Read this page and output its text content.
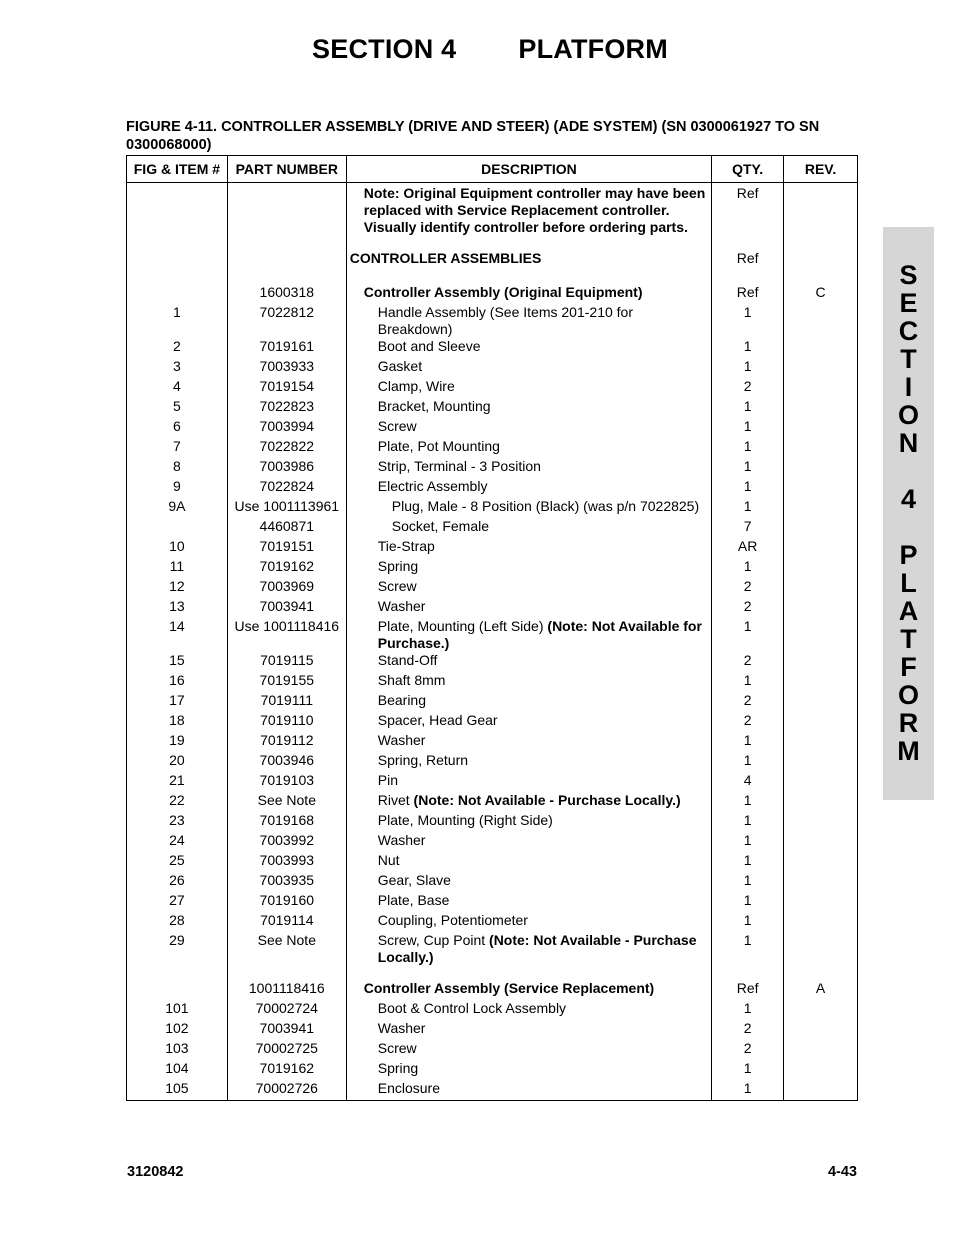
SECTION 4 PLATFORM
FIGURE 4-11. CONTROLLER ASSEMBLY (DRIVE AND STEER) (ADE SYSTEM) (SN 0300061927 TO SN 0300068000)
FIG & ITEM #	PART NUMBER	DESCRIPTION	QTY.	REV.

		Note: Original Equipment controller may have been replaced with Service Replacement controller. Visually identify controller before ordering parts.	Ref	

		CONTROLLER ASSEMBLIES	Ref	

	1600318	Controller Assembly (Original Equipment)	Ref	C
1	7022812	Handle Assembly (See Items 201-210 for Breakdown)	1	
2	7019161	Boot and Sleeve	1	
3	7003933	Gasket	1	
4	7019154	Clamp, Wire	2	
5	7022823	Bracket, Mounting	1	
6	7003994	Screw	1	
7	7022822	Plate, Pot Mounting	1	
8	7003986	Strip, Terminal - 3 Position	1	
9	7022824	Electric Assembly	1	
9A	Use 1001113961	Plug, Male - 8 Position (Black) (was p/n 7022825)	1	
	4460871	Socket, Female	7	
10	7019151	Tie-Strap	AR	
11	7019162	Spring	1	
12	7003969	Screw	2	
13	7003941	Washer	2	
14	Use 1001118416	Plate, Mounting (Left Side) (Note: Not Available for Purchase.)	1	
15	7019115	Stand-Off	2	
16	7019155	Shaft 8mm	1	
17	7019111	Bearing	2	
18	7019110	Spacer, Head Gear	2	
19	7019112	Washer	1	
20	7003946	Spring, Return	1	
21	7019103	Pin	4	
22	See Note	Rivet (Note: Not Available - Purchase Locally.)	1	
23	7019168	Plate, Mounting (Right Side)	1	
24	7003992	Washer	1	
25	7003993	Nut	1	
26	7003935	Gear, Slave	1	
27	7019160	Plate, Base	1	
28	7019114	Coupling, Potentiometer	1	
29	See Note	Screw, Cup Point (Note: Not Available - Purchase Locally.)	1	

	1001118416	Controller Assembly (Service Replacement)	Ref	A
101	70002724	Boot & Control Lock Assembly	1	
102	7003941	Washer	2	
103	70002725	Screw	2	
104	7019162	Spring	1	
105	70002726	Enclosure	1	
S
E
C
T
I
O
N
4
P
L
A
T
F
O
R
M
3120842	4-43
